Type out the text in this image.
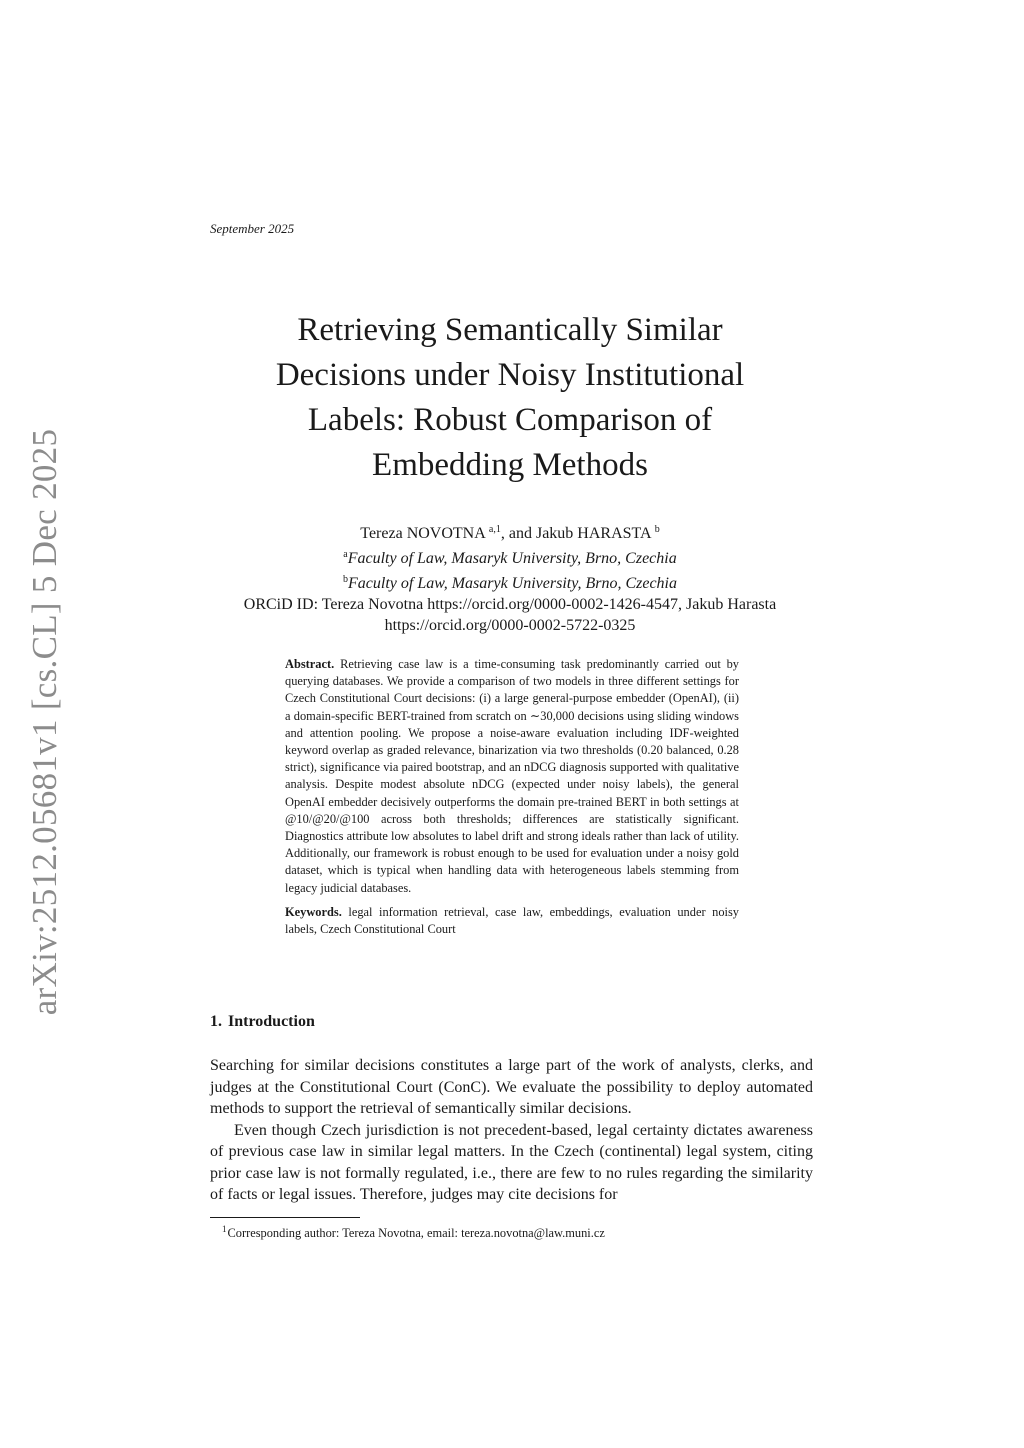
arXiv:2512.05681v1 [cs.CL] 5 Dec 2025
September 2025
Retrieving Semantically Similar
Decisions under Noisy Institutional
Labels: Robust Comparison of
Embedding Methods
Tereza NOVOTNA $^{a,1}$, and Jakub HARASTA $^b$
$^a$Faculty of Law, Masaryk University, Brno, Czechia
$^b$Faculty of Law, Masaryk University, Brno, Czechia
ORCiD ID: Tereza Novotna https://orcid.org/0000-0002-1426-4547, Jakub Harasta
https://orcid.org/0000-0002-5722-0325

Abstract. Retrieving case law is a time-consuming task predominantly carried out by querying databases. We provide a comparison of two models in three different settings for Czech Constitutional Court decisions: (i) a large general-purpose embedder (OpenAI), (ii) a domain-specific BERT-trained from scratch on ∼30,000 decisions using sliding windows and attention pooling. We propose a noise-aware evaluation including IDF-weighted keyword overlap as graded relevance, binarization via two thresholds (0.20 balanced, 0.28 strict), significance via paired bootstrap, and an nDCG diagnosis supported with qualitative analysis. Despite modest absolute nDCG (expected under noisy labels), the general OpenAI embedder decisively outperforms the domain pre-trained BERT in both settings at @10/@20/@100 across both thresholds; differences are statistically significant. Diagnostics attribute low absolutes to label drift and strong ideals rather than lack of utility. Additionally, our framework is robust enough to be used for evaluation under a noisy gold dataset, which is typical when handling data with heterogeneous labels stemming from legacy judicial databases.

Keywords. legal information retrieval, case law, embeddings, evaluation under noisy labels, Czech Constitutional Court

1. Introduction

Searching for similar decisions constitutes a large part of the work of analysts, clerks, and judges at the Constitutional Court (ConC). We evaluate the possibility to deploy automated methods to support the retrieval of semantically similar decisions.

Even though Czech jurisdiction is not precedent-based, legal certainty dictates awareness of previous case law in similar legal matters. In the Czech (continental) legal system, citing prior case law is not formally regulated, i.e., there are few to no rules regarding the similarity of facts or legal issues. Therefore, judges may cite decisions for

$^1$Corresponding author: Tereza Novotna, email: tereza.novotna@law.muni.cz
